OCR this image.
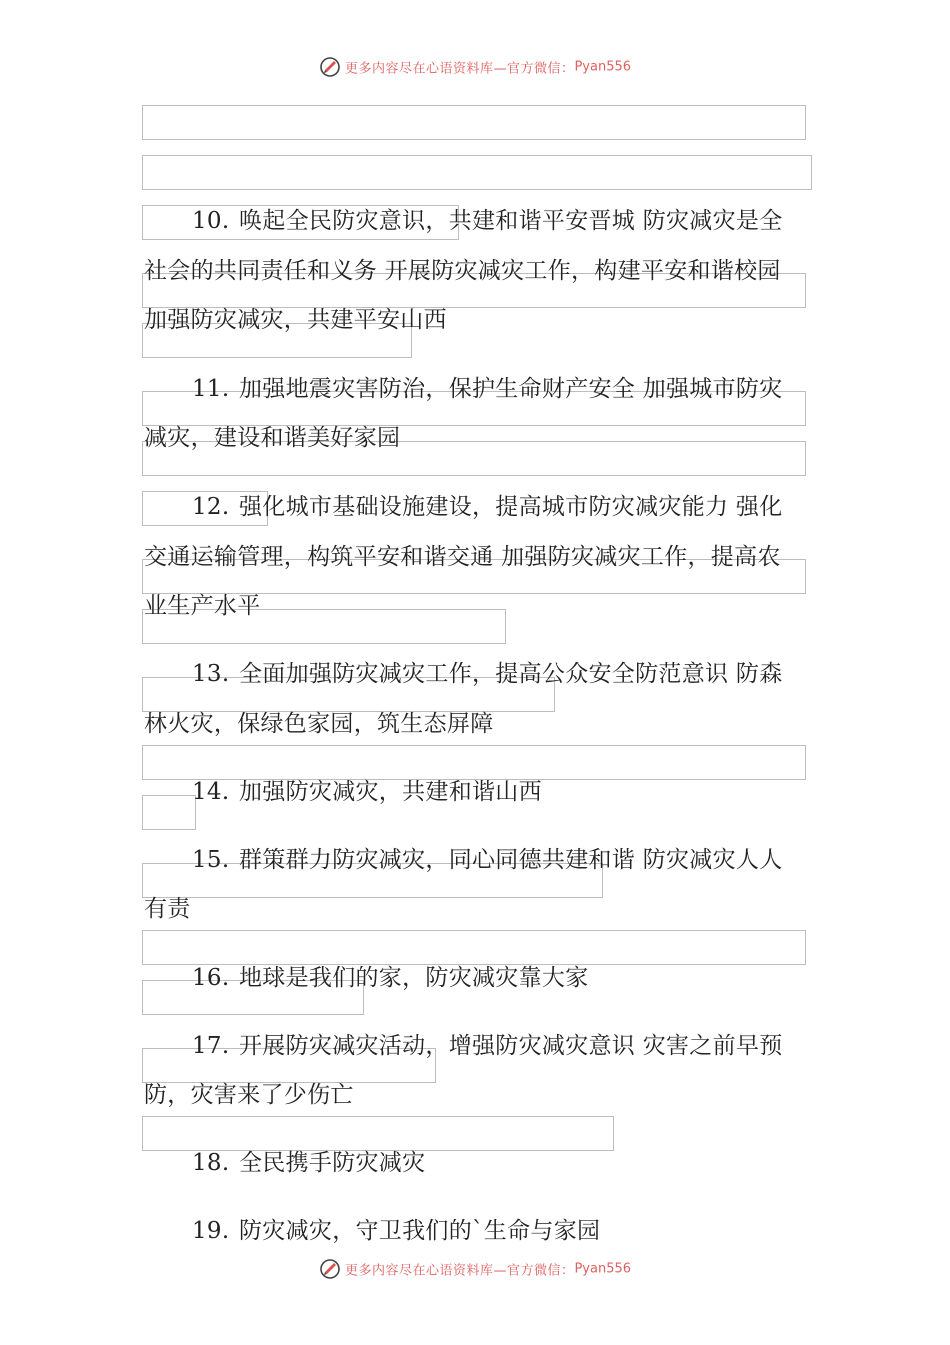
更多内容尽在心语资料库—官方微信：Pyan556
10. 唤起全民防灾意识，共建和谐平安晋城 防灾减灾是全
社会的共同责任和义务 开展防灾减灾工作，构建平安和谐校园
加强防灾减灾，共建平安山西
11. 加强地震灾害防治，保护生命财产安全 加强城市防灾
减灾，建设和谐美好家园
12. 强化城市基础设施建设，提高城市防灾减灾能力 强化
交通运输管理，构筑平安和谐交通 加强防灾减灾工作，提高农
业生产水平
13. 全面加强防灾减灾工作，提高公众安全防范意识 防森
林火灾，保绿色家园，筑生态屏障
14. 加强防灾减灾，共建和谐山西
15. 群策群力防灾减灾，同心同德共建和谐 防灾减灾人人
有责
16. 地球是我们的家，防灾减灾靠大家
17. 开展防灾减灾活动，增强防灾减灾意识 灾害之前早预
防，灾害来了少伤亡
18. 全民携手防灾减灾
19. 防灾减灾，守卫我们的`生命与家园
更多内容尽在心语资料库—官方微信：Pyan556
